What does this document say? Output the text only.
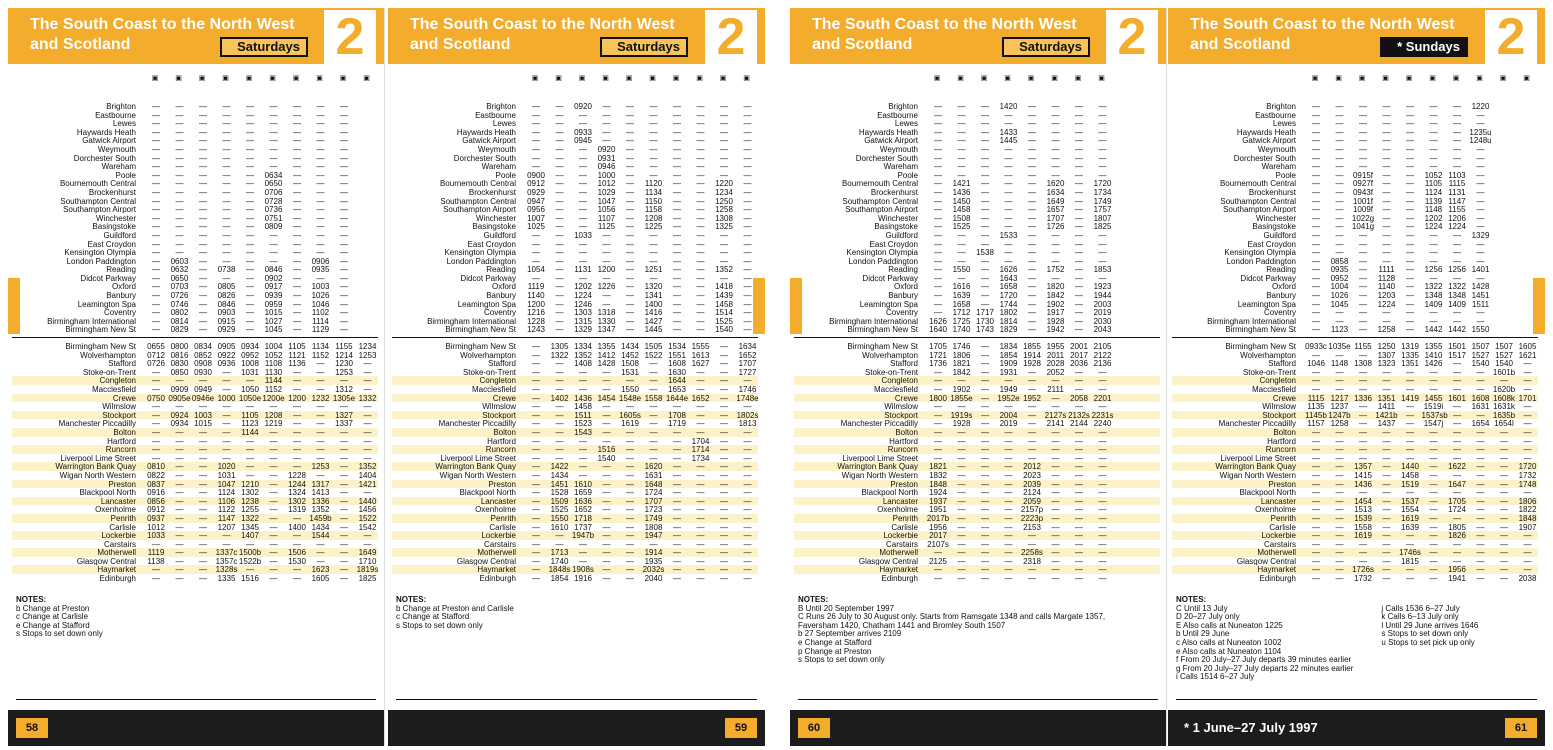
The South Coast to the North West and Scotland	Saturdays 2
▣	▣	▣	▣	▣	▣	▣	▣	▣	▣
Brighton	—	—	—	—	—	—	—	—	—
Eastbourne	—	—	—	—	—	—	—	—	—
Lewes	—	—	—	—	—	—	—	—	—
Haywards Heath	—	—	—	—	—	—	—	—	—
Gatwick Airport	—	—	—	—	—	—	—	—	—
Weymouth	—	—	—	—	—	—	—	—	—
Dorchester South	—	—	—	—	—	—	—	—	—
Wareham	—	—	—	—	—	—	—	—	—
Poole	—	—	—	—	—	0634	—	—	—
Bournemouth Central	—	—	—	—	—	0650	—	—	—
Brockenhurst	—	—	—	—	—	0706	—	—	—
Southampton Central	—	—	—	—	—	0728	—	—	—
Southampton Airport	—	—	—	—	—	0736	—	—	—
Winchester	—	—	—	—	—	0751	—	—	—
Basingstoke	—	—	—	—	—	0809	—	—	—
Guildford	—	—	—	—	—	—	—	—	—
East Croydon	—	—	—	—	—	—	—	—	—
Kensington Olympia	—	—	—	—	—	—	—	—	—
London Paddington	—	0603	—	—	—	—	—	0906	—
Reading	—	0632	—	0738	—	0846	—	0935	—
Didcot Parkway	—	0650	—	—	—	0902	—	—	—
Oxford	—	0703	—	0805	—	0917	—	1003	—
Banbury	—	0726	—	0826	—	0939	—	1026	—
Leamington Spa	—	0746	—	0846	—	0959	—	1046	—
Coventry	—	0802	—	0903	—	1015	—	1102	—
Birmingham International	—	0814	—	0915	—	1027	—	1114	—
Birmingham New St	—	0829	—	0929	—	1045	—	1129	—
Birmingham New St	0655 0800 0834 0905 0934 1004 1105 1134 1155 1234
Wolverhampton	0712 0816 0852 0922 0952 1052 1121 1152 1214 1253
Stafford	0726 0830 0908 0936 1008 1108 1136	—	1230	—
Stoke-on-Trent	—	0850 0930	—	1031 1130	—	—	1253	—
Congleton	—	—	—	—	—	1144	—	—	—	—
Macclesfield	—	0909 0949	—	1050 1152	—	—	1312	—
Crewe	0750 0905e 0946e 1000 1050e 1200e 1200 1232 1305e 1332
Wilmslow	—	—	—	—	—	—	—	—	—	—
Stockport	—	0924 1003	—	1105 1208	—	—	1327	—
Manchester Piccadilly	—	0934 1015	—	1123 1219	—	—	1337	—
Bolton	—	—	—	—	1144	—	—	—	—	—
Hartford	—	—	—	—	—	—	—	—	—	—
Runcorn	—	—	—	—	—	—	—	—	—	—
Liverpool Lime Street	—	—	—	—	—	—	—	—	—	—
Warrington Bank Quay	0810	—	—	1020	—	—	—	1253	—	1352
Wigan North Western	0822	—	—	1031	—	—	1228	—	—	1404
Preston	0837	—	—	1047 1210	—	1244 1317	—	1421
Blackpool North	0916	—	—	1124 1302	—	1324 1413	—	—
Lancaster	0856	—	—	1106 1238	—	1302 1336	—	1440
Oxenholme	0912	—	—	1122 1255	—	1319 1352	—	1456
Penrith	0937	—	—	1147 1322	—	—	1459b	—	1522
Carlisle	1012	—	—	1207 1345	—	1400 1434	—	1542
Lockerbie	1033	—	—	—	1407	—	—	1544	—	—
Carstairs	—	—	—	—	—	—	—	—	—	—
Motherwell	1119	—	—	1337c 1500b	—	1506	—	—	1649
Glasgow Central	1138	—	—	1357c 1522b	—	1530	—	—	1710
Haymarket	—	—	—	1328s	—	—	—	1623	—	1819s
Edinburgh	—	—	—	1335 1516	—	—	1605	—	1825
NOTES:
b Change at Preston
c Change at Carlisle
e Change at Stafford
s Stops to set down only
58
The South Coast to the North West and Scotland	Saturdays 2
▣	▣	▣	▣	▣	▣	▣	▣	▣	▣
Brighton	—	—	0920	—	—	—	—	—	—	—
Eastbourne	—	—	—	—	—	—	—	—	—	—
Lewes	—	—	—	—	—	—	—	—	—	—
Haywards Heath	—	—	0933	—	—	—	—	—	—	—
Gatwick Airport	—	—	0945	—	—	—	—	—	—	—
Weymouth	—	—	—	0920	—	—	—	—	—	—
Dorchester South	—	—	—	0931	—	—	—	—	—	—
Wareham	—	—	—	0946	—	—	—	—	—	—
Poole	0900	—	—	1000	—	—	—	—	—	—
Bournemouth Central	0912	—	—	1012	—	1120	—	—	1220	—
Brockenhurst	0929	—	—	1029	—	1134	—	—	1234	—
Southampton Central	0947	—	—	1047	—	1150	—	—	1250	—
Southampton Airport	0956	—	—	1056	—	1158	—	—	1258	—
Winchester	1007	—	—	1107	—	1208	—	—	1308	—
Basingstoke	1025	—	—	1125	—	1225	—	—	1325	—
Guildford	—	—	1033	—	—	—	—	—	—	—
East Croydon	—	—	—	—	—	—	—	—	—	—
Kensington Olympia	—	—	—	—	—	—	—	—	—	—
London Paddington	—	—	—	—	—	—	—	—	—	—
Reading	1054	—	1131 1200	—	1251	—	—	1352	—
Didcot Parkway	—	—	—	—	—	—	—	—	—	—
Oxford	1119	—	1202 1226	—	1320	—	—	1418	—
Banbury	1140	—	1224	—	—	1341	—	—	1439	—
Leamington Spa	1200	—	1246	—	—	1400	—	—	1458	—
Coventry	1216	—	1303 1318	—	1416	—	—	1514	—
Birmingham International	1228	—	1315 1330	—	1427	—	—	1525	—
Birmingham New St	1243	—	1329 1347	—	1445	—	—	1540	—
Birmingham New St	—	1305 1334 1355 1434 1505 1534 1555	—	1634
Wolverhampton	—	1322 1352 1412 1452 1522 1551 1613	—	1652
Stafford	—	—	1408 1428 1508	—	1608 1627	—	1707
Stoke-on-Trent	—	—	—	—	1531	—	1630	—	—	1727
Congleton	—	—	—	—	—	—	1644	—	—	—
Macclesfield	—	—	—	—	1550	—	1653	—	—	1746
Crewe	—	1402 1436 1454 1548e 1558 1644e 1652	—	1748e
Wilmslow	—	—	1458	—	—	—	—	—	—	—
Stockport	—	—	1511	—	1605s	—	1708	—	—	1802s
Manchester Piccadilly	—	—	1523	—	1619	—	1719	—	—	1813
Bolton	—	—	1543	—	—	—	—	—	—	—
Hartford	—	—	—	—	—	—	—	1704	—	—
Runcorn	—	—	—	1516	—	—	—	1714	—	—
Liverpool Lime Street	—	—	—	1540	—	—	—	1734	—	—
Warrington Bank Quay	—	1422	—	—	—	1620	—	—	—	—
Wigan North Western	—	1434	—	—	—	1631	—	—	—	—
Preston	—	1451 1610	—	—	1648	—	—	—	—
Blackpool North	—	1528 1659	—	—	1724	—	—	—	—
Lancaster	—	1509 1636	—	—	1707	—	—	—	—
Oxenholme	—	1525 1652	—	—	1723	—	—	—	—
Penrith	—	1550 1718	—	—	1749	—	—	—	—
Carlisle	—	1610 1737	—	—	1808	—	—	—	—
Lockerbie	—	—	1947b	—	—	1947	—	—	—	—
Carstairs	—	—	—	—	—	—	—	—	—	—
Motherwell	—	1713	—	—	—	1914	—	—	—	—
Glasgow Central	—	1740	—	—	—	1935	—	—	—	—
Haymarket	—	1848s 1908s	—	—	2032s	—	—	—	—
Edinburgh	—	1854 1916	—	—	2040	—	—	—	—
NOTES:
b Change at Preston and Carlisle
c Change at Stafford
s Stops to set down only
59
The South Coast to the North West and Scotland	Saturdays 2
▣	▣	▣	▣	▣	▣	▣	▣
Brighton	—	—	—	1420	—	—	—	—
Eastbourne	—	—	—	—	—	—	—	—
Lewes	—	—	—	—	—	—	—	—
Haywards Heath	—	—	—	1433	—	—	—	—
Gatwick Airport	—	—	—	1445	—	—	—	—
Weymouth	—	—	—	—	—	—	—	—
Dorchester South	—	—	—	—	—	—	—	—
Wareham	—	—	—	—	—	—	—	—
Poole	—	—	—	—	—	—	—	—
Bournemouth Central	—	1421	—	—	—	1620	—	1720
Brockenhurst	—	1436	—	—	—	1634	—	1734
Southampton Central	—	1450	—	—	—	1649	—	1749
Southampton Airport	—	1458	—	—	—	1657	—	1757
Winchester	—	1508	—	—	—	1707	—	1807
Basingstoke	—	1525	—	—	—	1726	—	1825
Guildford	—	—	—	1533	—	—	—	—
East Croydon	—	—	—	—	—	—	—	—
Kensington Olympia	—	—	1538	—	—	—	—	—
London Paddington	—	—	—	—	—	—	—	—
Reading	—	1550	—	1626	—	1752	—	1853
Didcot Parkway	—	—	—	1643	—	—	—	—
Oxford	—	1616	—	1658	—	1820	—	1923
Banbury	—	1639	—	1720	—	1842	—	1944
Leamington Spa	—	1658	—	1744	—	1902	—	2003
Coventry	—	1712 1717 1802	—	1917	—	2019
Birmingham International	1626 1725 1730 1814	—	1928	—	2030
Birmingham New St	1640 1740 1743 1829	—	1942	—	2043
Birmingham New St	1705 1746	—	1834 1855 1955 2001 2105
Wolverhampton	1721 1806	—	1854 1914 2011 2017 2122
Stafford	1736 1821	—	1909 1928 2028 2036 2136
Stoke-on-Trent	—	1842	—	1931	—	2052	—	—
Congleton	—	—	—	—	—	—	—	—
Macclesfield	—	1902	—	1949	—	2111	—	—
Crewe	1800 1855e	—	1952e 1952	—	2058 2201
Wilmslow	—	—	—	—	—	—	—	—
Stockport	—	1919s	—	2004	—	2127s 2132s 2231s
Manchester Piccadilly	—	1928	—	2019	—	2141 2144 2240
Bolton	—	—	—	—	—	—	—	—
Hartford	—	—	—	—	—	—	—	—
Runcorn	—	—	—	—	—	—	—	—
Liverpool Lime Street	—	—	—	—	—	—	—	—
Warrington Bank Quay	1821	—	—	—	2012	—	—	—
Wigan North Western	1832	—	—	—	2023	—	—	—
Preston	1848	—	—	—	2039	—	—	—
Blackpool North	1924	—	—	—	2124	—	—	—
Lancaster	1937	—	—	—	2059	—	—	—
Oxenholme	1951	—	—	—	2157p	—	—	—
Penrith	2017b	—	—	—	2223p	—	—	—
Carlisle	1956	—	—	—	2153	—	—	—
Lockerbie	2017	—	—	—	—	—	—	—
Carstairs	2107s	—	—	—	—	—	—	—
Motherwell	—	—	—	—	2258s	—	—	—
Glasgow Central	2125	—	—	—	2318	—	—	—
Haymarket	—	—	—	—	—	—	—	—
Edinburgh	—	—	—	—	—	—	—	—
NOTES:
B Until 20 September 1997
C Runs 26 July to 30 August only. Starts from Ramsgate 1348 and calls Margate 1357,
Faversham 1420, Chatham 1441 and Bromley South 1507
b 27 September arrives 2109
e Change at Stafford
p Change at Preston
s Stops to set down only
60
The South Coast to the North West and Scotland	* Sundays 2
▣	▣	▣	▣	▣	▣	▣	▣	▣	▣
Brighton	—	—	—	—	—	—	—	1220
Eastbourne	—	—	—	—	—	—	—	—
Lewes	—	—	—	—	—	—	—	—
Haywards Heath	—	—	—	—	—	—	—	1235u
Gatwick Airport	—	—	—	—	—	—	—	1248u
Weymouth	—	—	—	—	—	—	—	—
Dorchester South	—	—	—	—	—	—	—	—
Wareham	—	—	—	—	—	—	—	—
Poole	—	—	0915f	—	—	1052 1103	—
Bournemouth Central	—	—	0927f	—	—	1105 1115	—
Brockenhurst	—	—	0943f	—	—	1124 1131	—
Southampton Central	—	—	1001f	—	—	1139 1147	—
Southampton Airport	—	—	1009f	—	—	1148 1155	—
Winchester	—	—	1022g	—	—	1202 1206	—
Basingstoke	—	—	1041g	—	—	1224 1224	—
Guildford	—	—	—	—	—	—	—	1329
East Croydon	—	—	—	—	—	—	—	—
Kensington Olympia	—	—	—	—	—	—	—	—
London Paddington	—	0858	—	—	—	—	—	—
Reading	—	0935	—	1111	—	1256 1256 1401
Didcot Parkway	—	0952	—	1128	—	—	—	—
Oxford	—	1004	—	1140	—	1322 1322 1428
Banbury	—	1026	—	1203	—	1348 1348 1451
Leamington Spa	—	1045	—	1224	—	1409 1409 1511
Coventry	—	—	—	—	—	—	—	—
Birmingham International	—	—	—	—	—	—	—	—
Birmingham New St	—	1123	—	1258	—	1442 1442 1550
Birmingham New St	0933c 1035e 1155 1250 1319 1355 1501 1507 1507 1605
Wolverhampton	—	—	—	1307 1335 1410 1517 1527 1527 1621
Stafford	1046 1148 1308 1323 1351 1426	—	1540 1540	—
Stoke-on-Trent	—	—	—	—	—	—	—	—	1601b	—
Congleton	—	—	—	—	—	—	—	—	—	—
Macclesfield	—	—	—	—	—	—	—	—	1620b	—
Crewe	1115 1217 1336 1351 1419 1455 1601 1608 1608k 1701
Wilmslow	1135 1237	—	1411	—	1519i	—	1631 1631k	—
Stockport	1145b 1247b	—	1421b	— 1537sb —	—	1635b	—
Manchester Piccadilly	1157 1258	—	1437	—	1547j	—	1654 1654l	—
Bolton	—	—	—	—	—	—	—	—	—	—
Hartford	—	—	—	—	—	—	—	—	—	—
Runcorn	—	—	—	—	—	—	—	—	—	—
Liverpool Lime Street	—	—	—	—	—	—	—	—	—	—
Warrington Bank Quay	—	—	1357	—	1440	—	1622	—	—	1720
Wigan North Western	—	—	1415	—	1458	—	—	—	—	1732
Preston	—	—	1436	—	1519	—	1647	—	—	1748
Blackpool North	—	—	—	—	—	—	—	—	—	—
Lancaster	—	—	1454	—	1537	—	1705	—	—	1806
Oxenholme	—	—	1513	—	1554	—	1724	—	—	1822
Penrith	—	—	1539	—	1619	—	—	—	—	1848
Carlisle	—	—	1558	—	1639	—	1805	—	—	1907
Lockerbie	—	—	1619	—	—	—	1826	—	—	—
Carstairs	—	—	—	—	—	—	—	—	—	—
Motherwell	—	—	—	—	1746s	—	—	—	—	—
Glasgow Central	—	—	—	—	1815	—	—	—	—	—
Haymarket	—	—	1726s	—	—	—	1956	—	—	—
Edinburgh	—	—	1732	—	—	—	1941	—	—	2038
NOTES:
C Until 13 July
D 20–27 July only
E Also calls at Nuneaton 1225
b Until 29 June
c Also calls at Nuneaton 1002
e Also calls at Nuneaton 1104
f From 20 July–27 July departs 39 minutes earlier
g From 20 July–27 July departs 22 minutes earlier
i Calls 1514 6–27 July
j Calls 1536 6–27 July
k Calls 6–13 July only
l Until 29 June arrives 1646
s Stops to set down only
u Stops to set pick up only
61
* 1 June–27 July 1997
